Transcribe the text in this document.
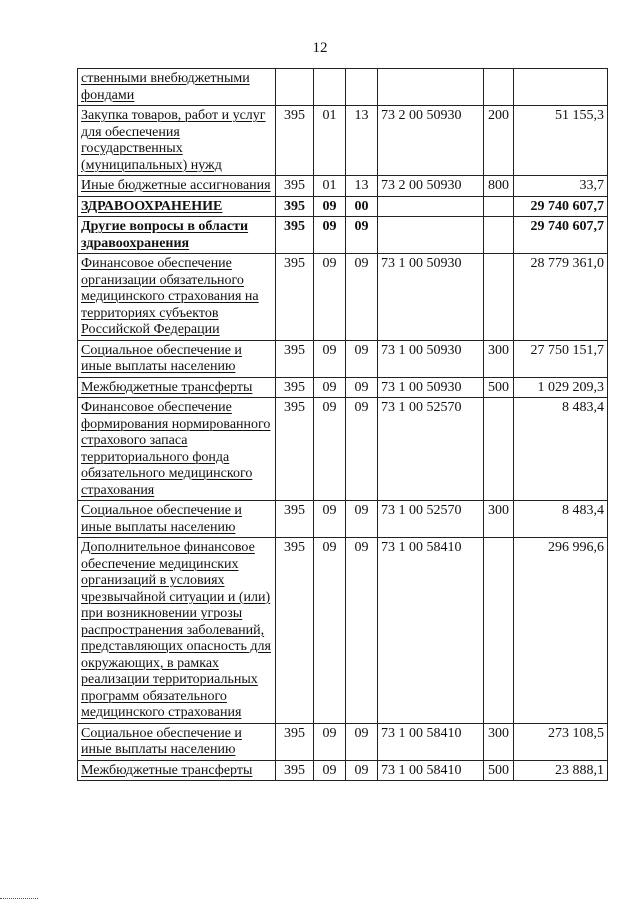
12
ственными внебюджетными фондами						
Закупка товаров, работ и услуг для обеспечения государственных (муниципальных) нужд	395	01	13	73 2 00 50930	200	51 155,3
Иные бюджетные ассигнования	395	01	13	73 2 00 50930	800	33,7
ЗДРАВООХРАНЕНИЕ	395	09	00			29 740 607,7
Другие вопросы в области здравоохранения	395	09	09			29 740 607,7
Финансовое обеспечение организации обязательного медицинского страхования на территориях субъектов Российской Федерации	395	09	09	73 1 00 50930		28 779 361,0
Социальное обеспечение и иные выплаты населению	395	09	09	73 1 00 50930	300	27 750 151,7
Межбюджетные трансферты	395	09	09	73 1 00 50930	500	1 029 209,3
Финансовое обеспечение формирования нормированного страхового запаса территориального фонда обязательного медицинского страхования	395	09	09	73 1 00 52570		8 483,4
Социальное обеспечение и иные выплаты населению	395	09	09	73 1 00 52570	300	8 483,4
Дополнительное финансовое обеспечение медицинских организаций в условиях чрезвычайной ситуации и (или) при возникновении угрозы распространения заболеваний, представляющих опасность для окружающих, в рамках реализации территориальных программ обязательного медицинского страхования	395	09	09	73 1 00 58410		296 996,6
Социальное обеспечение и иные выплаты населению	395	09	09	73 1 00 58410	300	273 108,5
Межбюджетные трансферты	395	09	09	73 1 00 58410	500	23 888,1
